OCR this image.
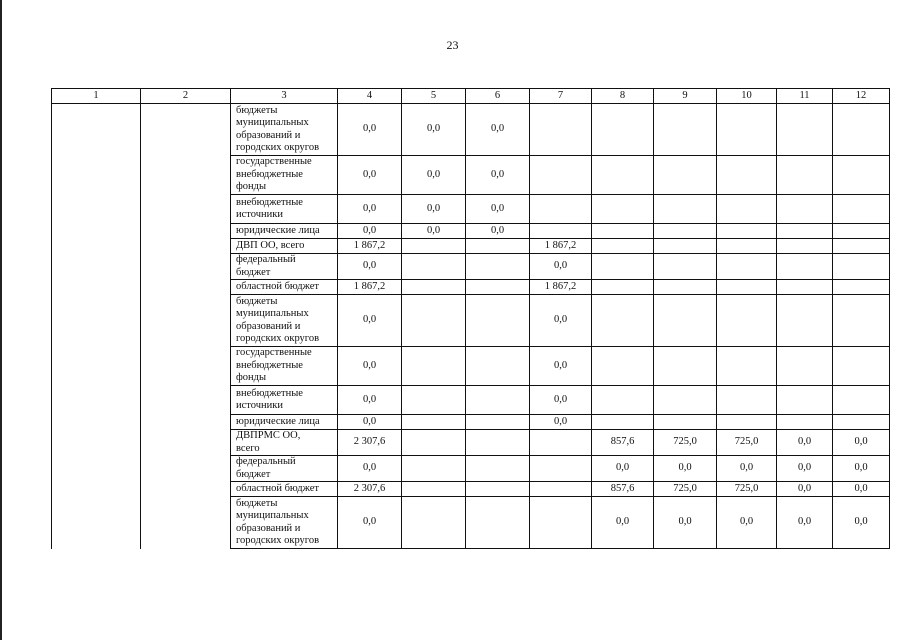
23
1	2	3	4	5	6	7	8	9	10	11	12

		бюджеты
муниципальных
образований и
городских округов	0,0	0,0	0,0						

		государственные
внебюджетные
фонды	0,0	0,0	0,0						

		внебюджетные
источники	0,0	0,0	0,0						

		юридические лица	0,0	0,0	0,0						

		ДВП ОО, всего	1 867,2			1 867,2					

		федеральный
бюджет	0,0			0,0					

		областной бюджет	1 867,2			1 867,2					

		бюджеты
муниципальных
образований и
городских округов	0,0			0,0					

		государственные
внебюджетные
фонды	0,0			0,0					

		внебюджетные
источники	0,0			0,0					

		юридические лица	0,0			0,0					

		ДВПРМС ОО,
всего	2 307,6				857,6	725,0	725,0	0,0	0,0

		федеральный
бюджет	0,0				0,0	0,0	0,0	0,0	0,0

		областной бюджет	2 307,6				857,6	725,0	725,0	0,0	0,0

		бюджеты
муниципальных
образований и
городских округов	0,0				0,0	0,0	0,0	0,0	0,0
